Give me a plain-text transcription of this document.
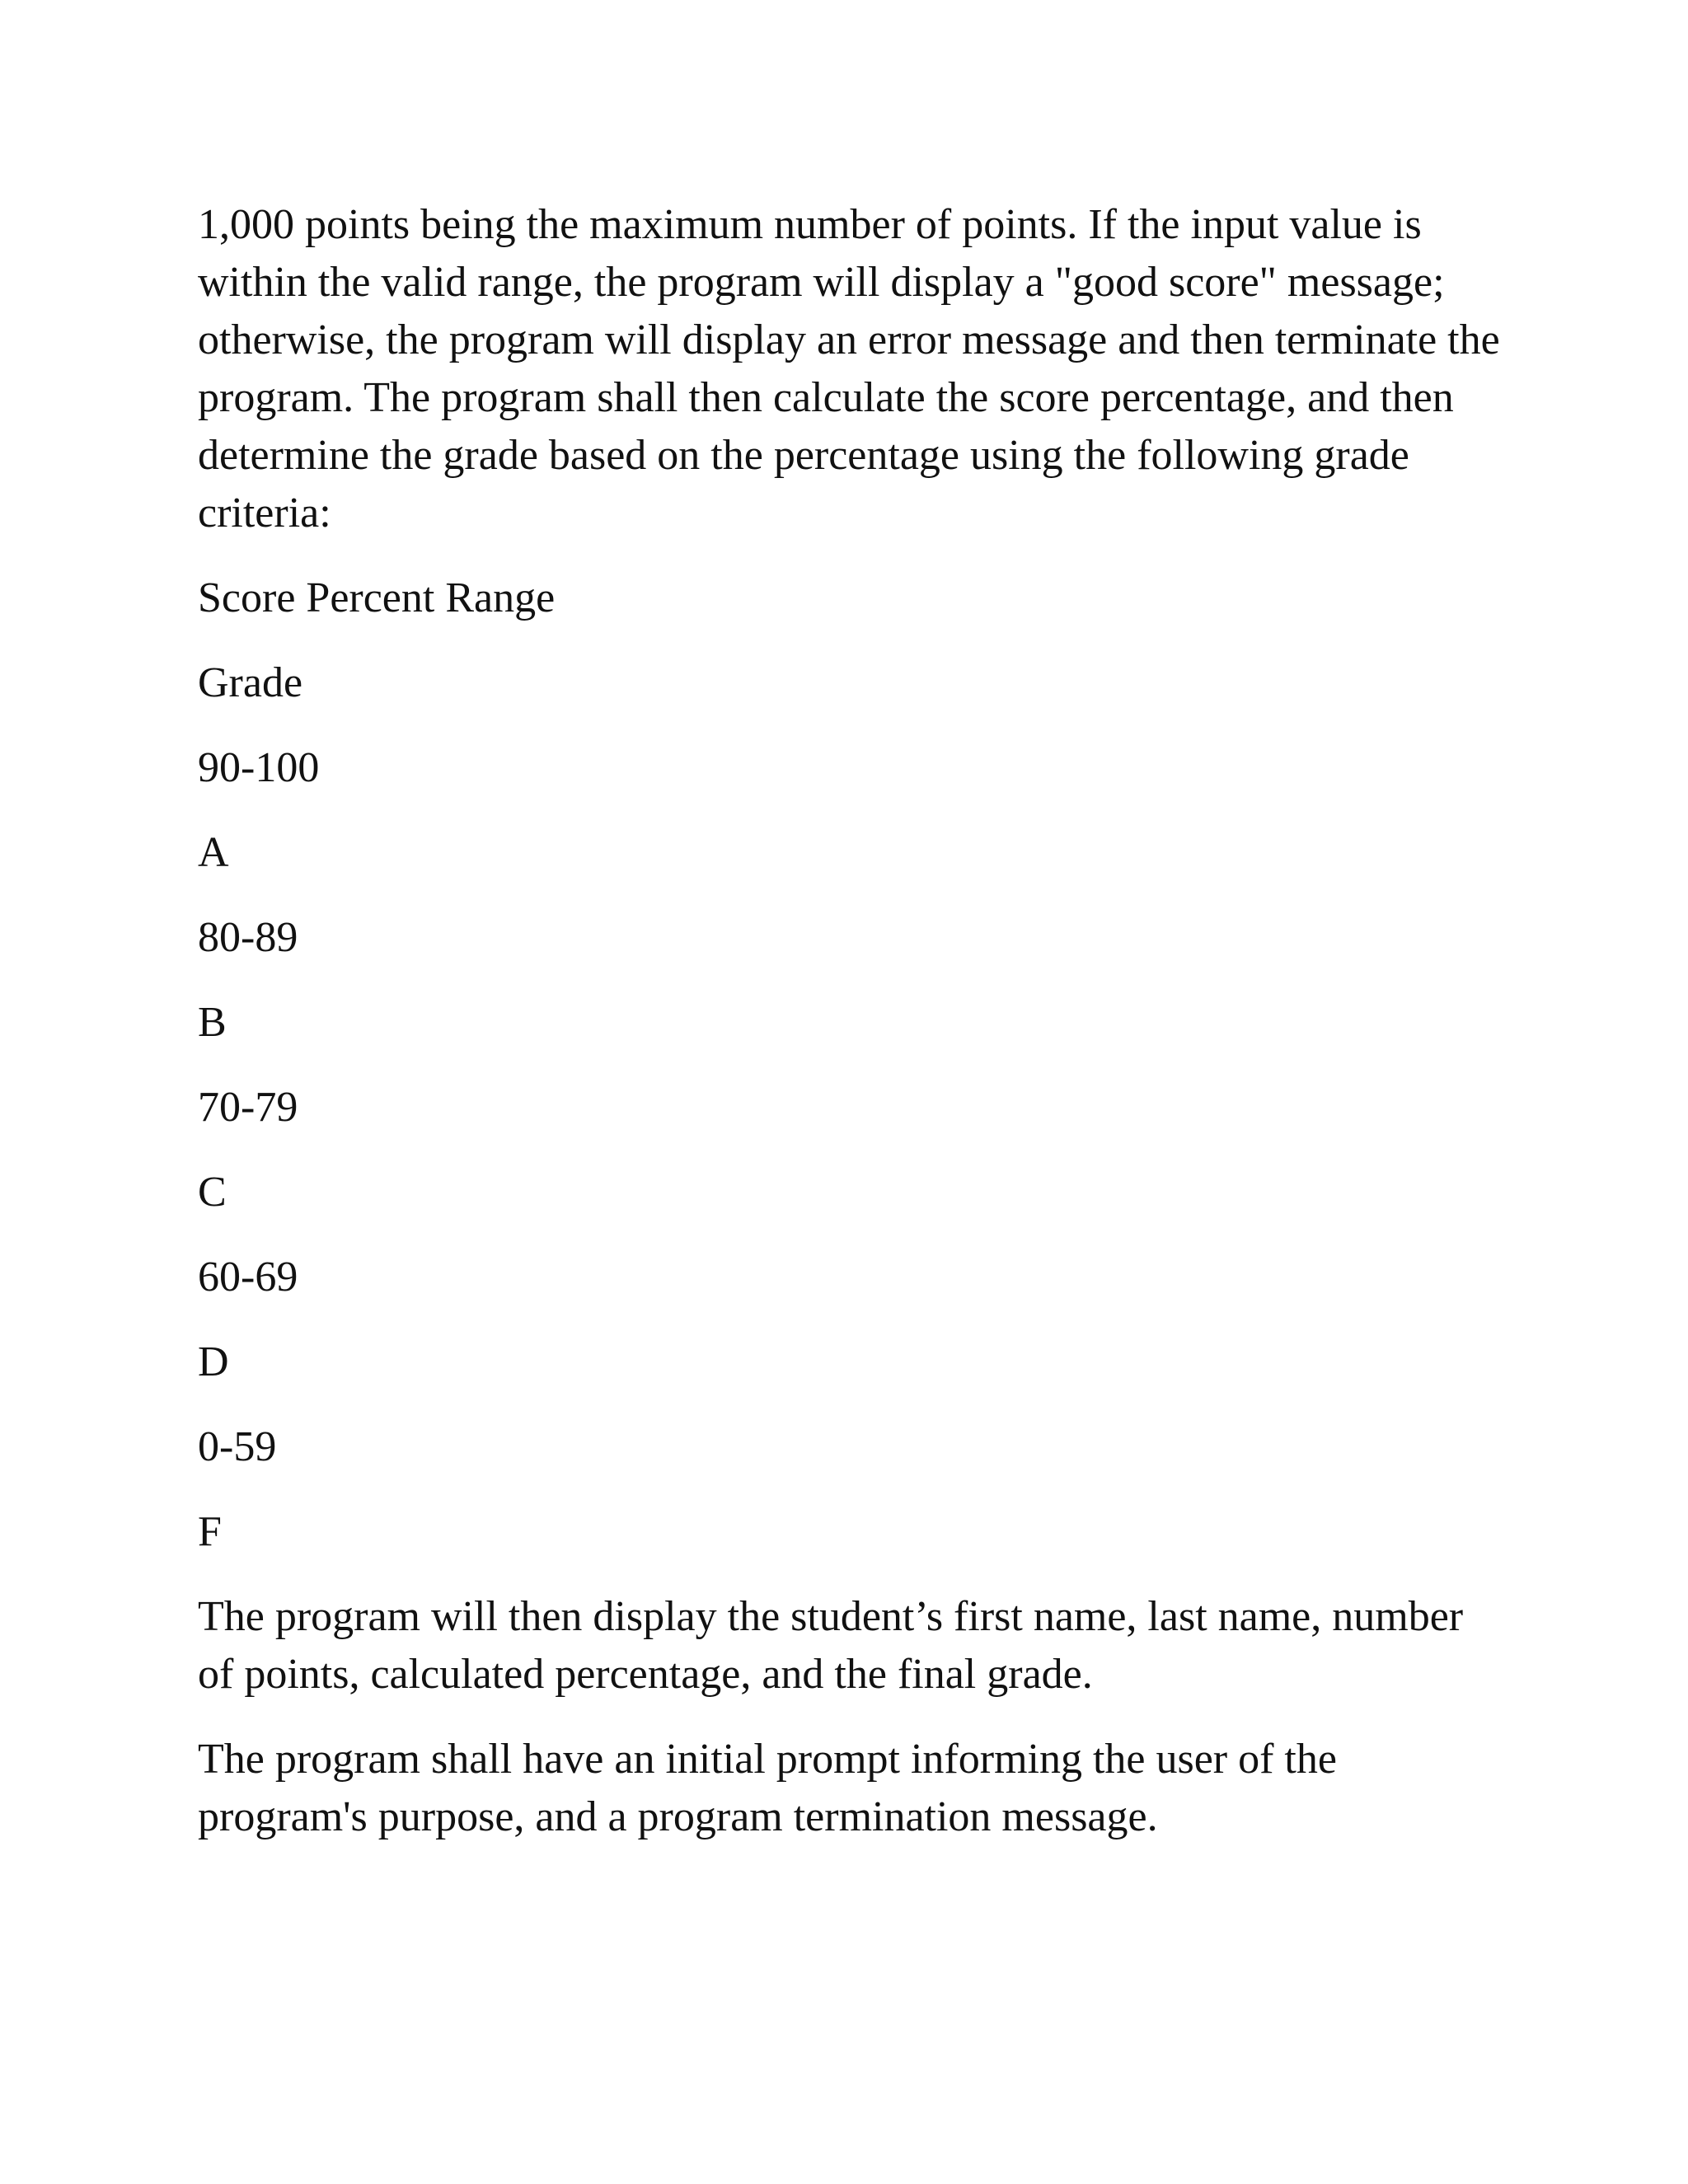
1,000 points being the maximum number of points. If the input value is within the valid range, the program will display a "good score" message; otherwise, the program will display an error message and then terminate the program. The program shall then calculate the score percentage, and then determine the grade based on the percentage using the following grade criteria:

Score Percent Range
Grade
90-100
A
80-89
B
70-79
C
60-69
D
0-59
F

The program will then display the student’s first name, last name, number of points, calculated percentage, and the final grade.

The program shall have an initial prompt informing the user of the program's purpose, and a program termination message.
